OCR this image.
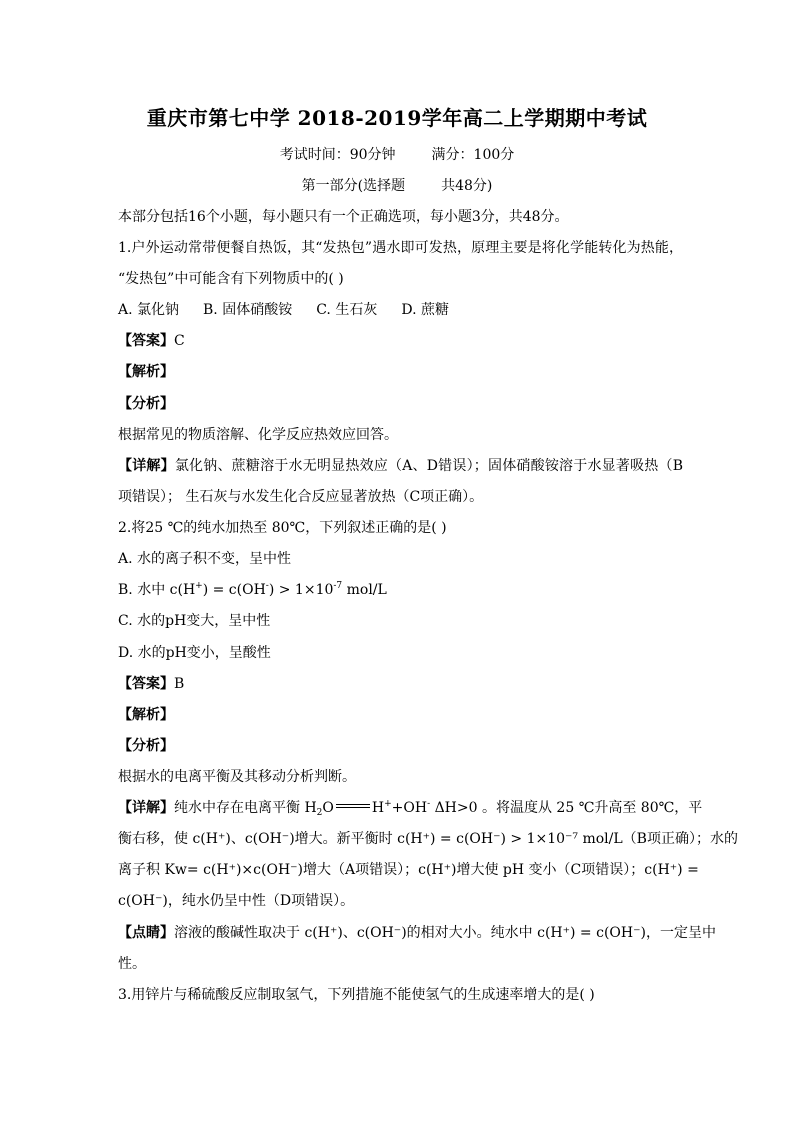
重庆市第七中学 2018-2019学年高二上学期期中考试
考试时间：90分钟	满分：100分
第一部分(选择题	共48分)
本部分包括16个小题，每小题只有一个正确选项，每小题3分，共48分。
1.户外运动常带便餐自热饭，其“发热包”遇水即可发热，原理主要是将化学能转化为热能，
“发热包”中可能含有下列物质中的( )
A. 氯化钠 B. 固体硝酸铵 C. 生石灰 D. 蔗糖
【答案】C
【解析】
【分析】
根据常见的物质溶解、化学反应热效应回答。
【详解】氯化钠、蔗糖溶于水无明显热效应（A、D错误）；固体硝酸铵溶于水显著吸热（B
项错误）； 生石灰与水发生化合反应显著放热（C项正确）。
2.将25 ℃的纯水加热至 80℃，下列叙述正确的是( )
A. 水的离子积不变，呈中性
B. 水中 $c(H^+) = c(OH^-) > 1\times 10^{-7}$ mol/L
C. 水的pH变大，呈中性
D. 水的pH变小，呈酸性
【答案】B
【解析】
【分析】
根据水的电离平衡及其移动分析判断。
【详解】纯水中存在电离平衡 $H_2O$	H++OH- ΔH>0 。将温度从 25 ℃升高至 80℃，平
衡右移，使 c(H⁺)、c(OH⁻)增大。新平衡时 c(H⁺) = c(OH⁻) > 1×10⁻⁷ mol/L（B项正确）；水的
离子积 Kw= c(H⁺)×c(OH⁻)增大（A项错误）；c(H⁺)增大使 pH 变小（C项错误）；c(H⁺) =
c(OH⁻)，纯水仍呈中性（D项错误）。
【点睛】溶液的酸碱性取决于 c(H⁺)、c(OH⁻)的相对大小。纯水中 c(H⁺) = c(OH⁻)，一定呈中
性。
3.用锌片与稀硫酸反应制取氢气，下列措施不能使氢气的生成速率增大的是( )
